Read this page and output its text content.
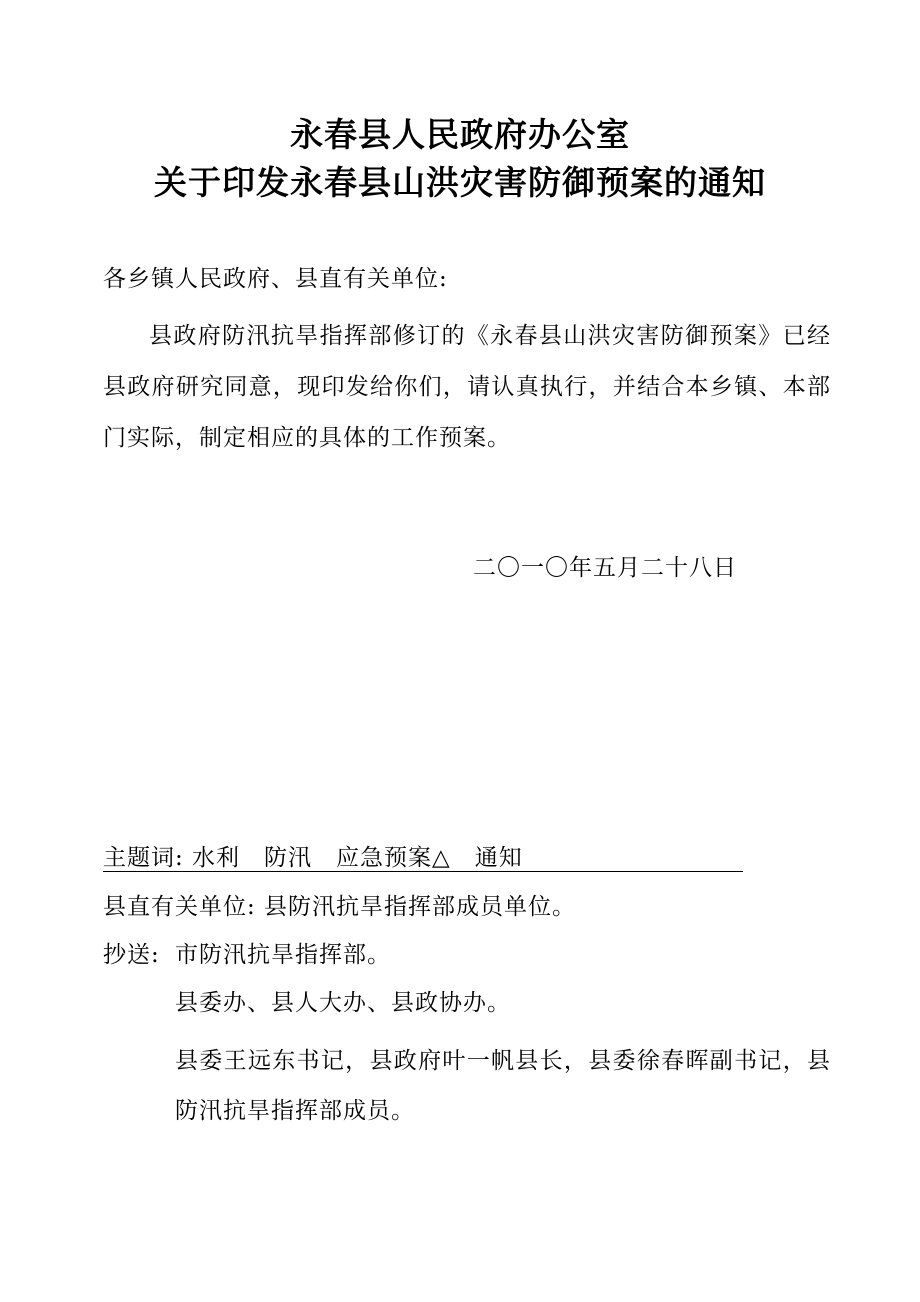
永春县人民政府办公室
关于印发永春县山洪灾害防御预案的通知
各乡镇人民政府、县直有关单位:
县政府防汛抗旱指挥部修订的《永春县山洪灾害防御预案》已经县政府研究同意，现印发给你们，请认真执行，并结合本乡镇、本部门实际，制定相应的具体的工作预案。
二〇一〇年五月二十八日
主题词: 水利　防汛　应急预案△　通知
县直有关单位: 县防汛抗旱指挥部成员单位。
抄送: 市防汛抗旱指挥部。
县委办、县人大办、县政协办。
县委王远东书记，县政府叶一帆县长，县委徐春晖副书记，县防汛抗旱指挥部成员。
